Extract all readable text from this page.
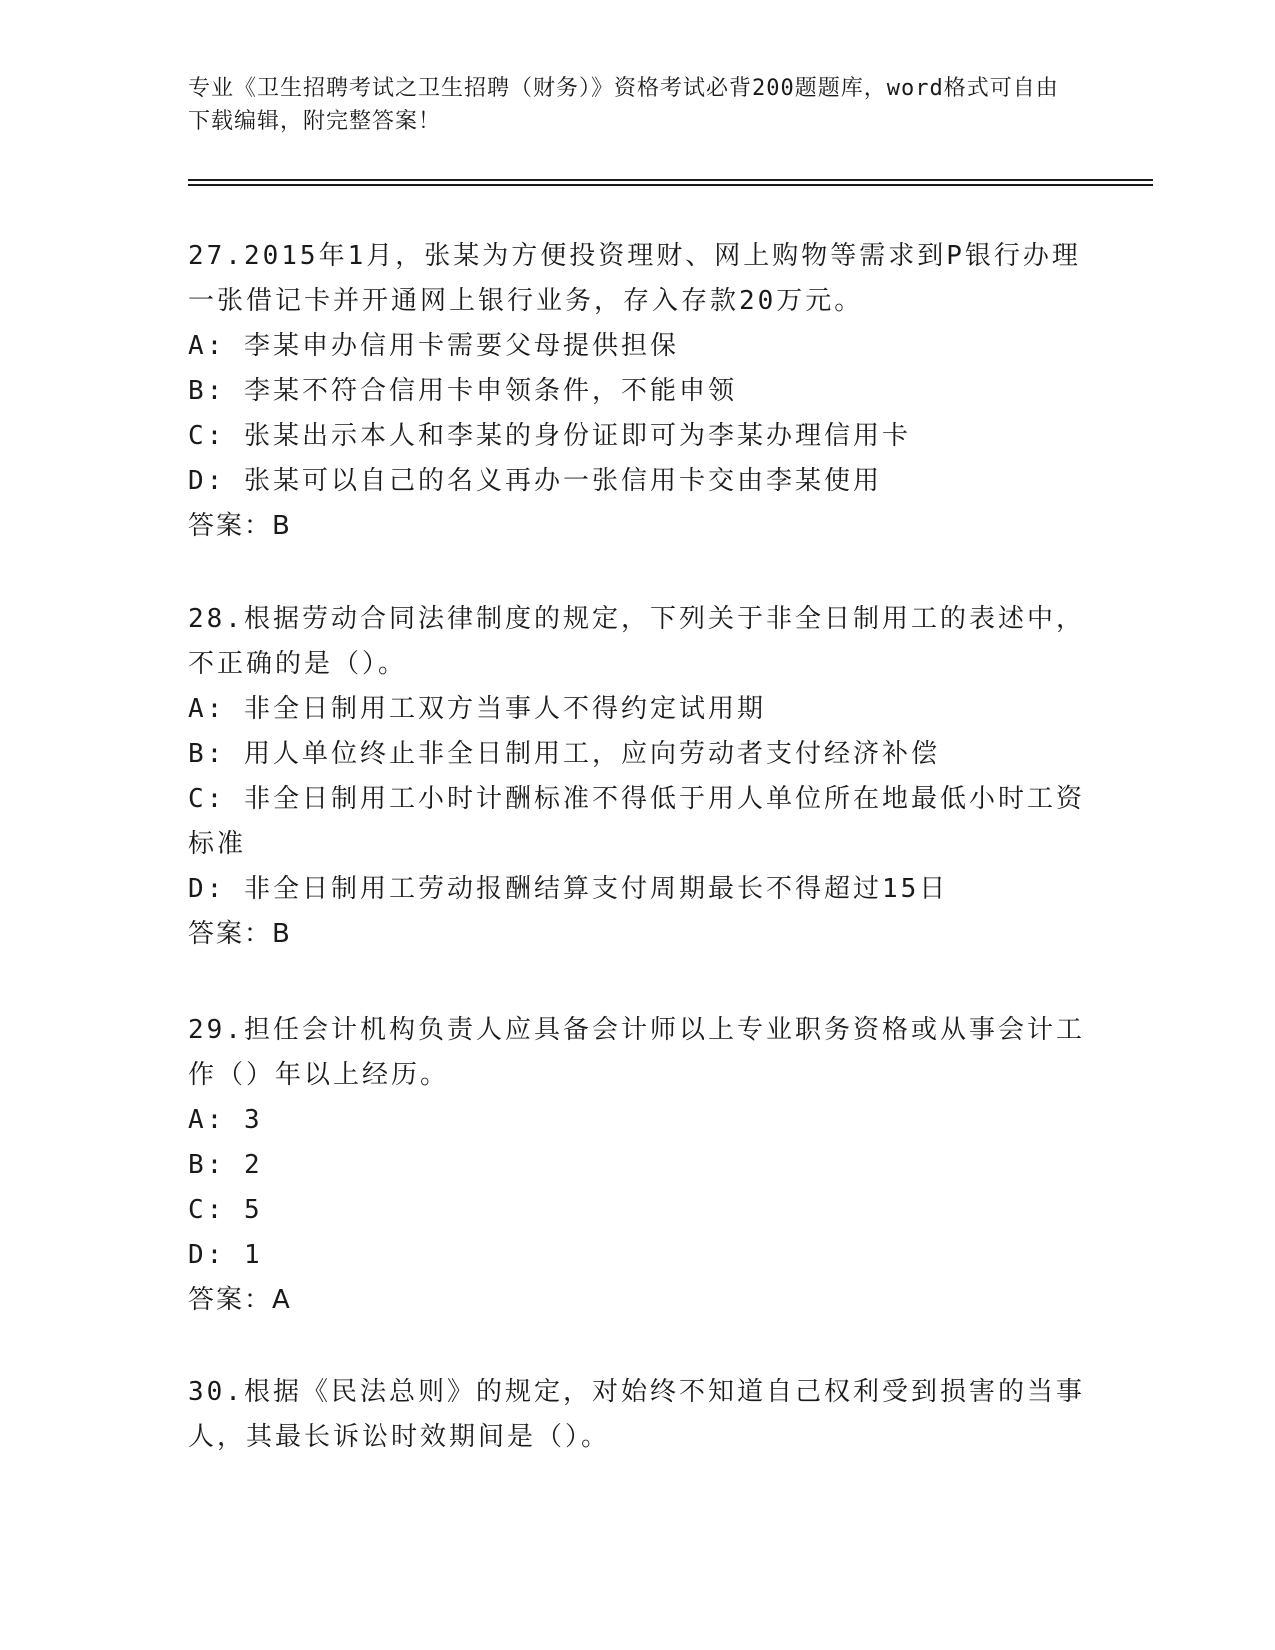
专业《卫生招聘考试之卫生招聘（财务）》资格考试必背200题题库，word格式可自由下载编辑，附完整答案！

27.2015年1月，张某为方便投资理财、网上购物等需求到P银行办理一张借记卡并开通网上银行业务，存入存款20万元。

A: 李某申办信用卡需要父母提供担保

B: 李某不符合信用卡申领条件，不能申领

C: 张某出示本人和李某的身份证即可为李某办理信用卡

D: 张某可以自己的名义再办一张信用卡交由李某使用

答案：B

28.根据劳动合同法律制度的规定，下列关于非全日制用工的表述中，不正确的是（）。

A: 非全日制用工双方当事人不得约定试用期

B: 用人单位终止非全日制用工，应向劳动者支付经济补偿

C: 非全日制用工小时计酬标准不得低于用人单位所在地最低小时工资标准

D: 非全日制用工劳动报酬结算支付周期最长不得超过15日

答案：B

29.担任会计机构负责人应具备会计师以上专业职务资格或从事会计工作（）年以上经历。

A: 3

B: 2

C: 5

D: 1

答案：A

30.根据《民法总则》的规定，对始终不知道自己权利受到损害的当事人，其最长诉讼时效期间是（）。
